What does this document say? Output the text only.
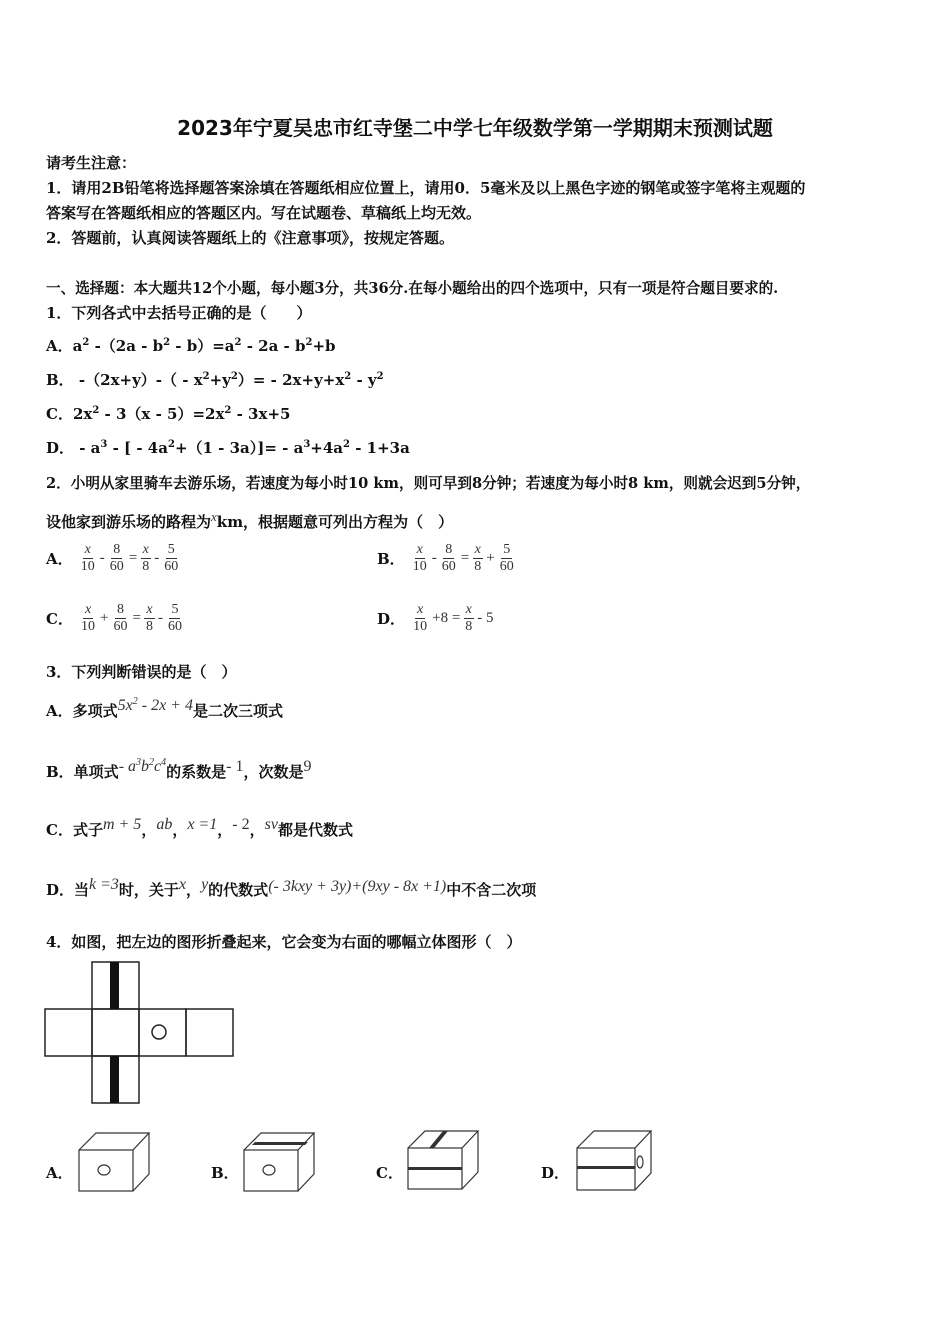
2023年宁夏吴忠市红寺堡二中学七年级数学第一学期期末预测试题
请考生注意：
1．请用2B铅笔将选择题答案涂填在答题纸相应位置上，请用0．5毫米及以上黑色字迹的钢笔或签字笔将主观题的
答案写在答题纸相应的答题区内。写在试题卷、草稿纸上均无效。
2．答题前，认真阅读答题纸上的《注意事项》，按规定答题。
一、选择题：本大题共12个小题，每小题3分，共36分.在每小题给出的四个选项中，只有一项是符合题目要求的.
1．下列各式中去括号正确的是（　　）
A．$a^2$ $-(2a - b^2 - b)=a^2 - 2a - b^2+b$
B． $-(2x+y)-( - x^2+y^2)= - 2x+y+x^2 - y^2$
C．$2x^2 - 3(x - 5)=2x^2 - 3x+5$
D． - $a^3$ - [ - $4a^2+(1 - 3a)]= - a^3+4a^2 - 1+3a$
2．小明从家里骑车去游乐场，若速度为每小时10 km，则可早到8分钟；若速度为每小时8 km，则就会迟到5分钟，
设他家到游乐场的路程为xkm，根据题意可列出方程为（　）
A． $\frac{x}{10} - \frac{8}{60} = \frac{x}{8} - \frac{5}{60}$	B． $\frac{x}{10} - \frac{8}{60} = \frac{x}{8} + \frac{5}{60}$
C． $\frac{x}{10} + \frac{8}{60} = \frac{x}{8} - \frac{5}{60}$	D． $\frac{x}{10} +8 = \frac{x}{8} - 5$
3．下列判断错误的是（　）
A．多项式$5x^2 - 2x + 4$是二次三项式
B．单项式- $a^3b^2c^4$的系数是- 1，次数是9
C．式子m + 5，ab，x =1，- 2，sv都是代数式
D．当k =3时，关于x，y的代数式(- 3kxy + 3y)+(9xy - 8x +1)中不含二次项
4．如图，把左边的图形折叠起来，它会变为右面的哪幅立体图形（　）
A．	B．	C．	D．
